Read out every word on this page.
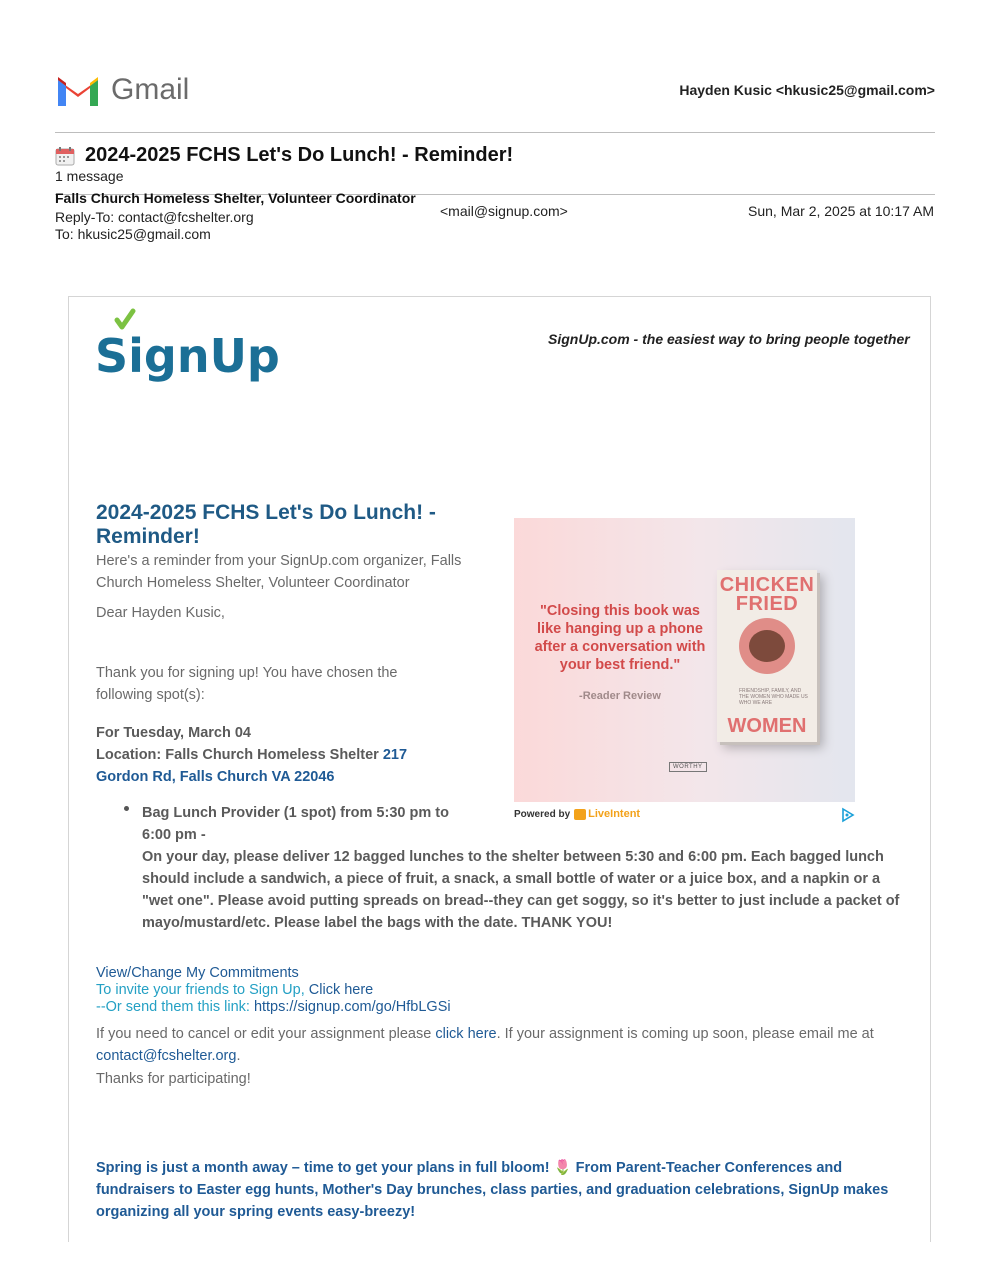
Gmail	Hayden Kusic <hkusic25@gmail.com>
2024-2025 FCHS Let's Do Lunch! - Reminder!
1 message
Falls Church Homeless Shelter, Volunteer Coordinator
<mail@signup.com>	Sun, Mar 2, 2025 at 10:17 AM
Reply-To: contact@fcshelter.org
To: hkusic25@gmail.com
SignUp	SignUp.com - the easiest way to bring people together
2024-2025 FCHS Let's Do Lunch! - Reminder!
Here's a reminder from your SignUp.com organizer, Falls Church Homeless Shelter, Volunteer Coordinator
Dear Hayden Kusic,
Thank you for signing up! You have chosen the following spot(s):
For Tuesday, March 04
Location: Falls Church Homeless Shelter 217 Gordon Rd, Falls Church VA 22046
Bag Lunch Provider (1 spot) from 5:30 pm to 6:00 pm -
On your day, please deliver 12 bagged lunches to the shelter between 5:30 and 6:00 pm. Each bagged lunch should include a sandwich, a piece of fruit, a snack, a small bottle of water or a juice box, and a napkin or a "wet one". Please avoid putting spreads on bread--they can get soggy, so it's better to just include a packet of mayo/mustard/etc. Please label the bags with the date. THANK YOU!
"Closing this book was like hanging up a phone after a conversation with your best friend."
-Reader Review
CHICKEN FRIED
FRIENDSHIP, FAMILY, AND THE WOMEN WHO MADE US WHO WE ARE
WOMEN
WORTHY
Powered by LiveIntent
View/Change My Commitments
To invite your friends to Sign Up, Click here
--Or send them this link: https://signup.com/go/HfbLGSi
If you need to cancel or edit your assignment please click here. If your assignment is coming up soon, please email me at contact@fcshelter.org.
Thanks for participating!
Spring is just a month away – time to get your plans in full bloom! 🌷 From Parent-Teacher Conferences and fundraisers to Easter egg hunts, Mother's Day brunches, class parties, and graduation celebrations, SignUp makes organizing all your spring events easy-breezy!
